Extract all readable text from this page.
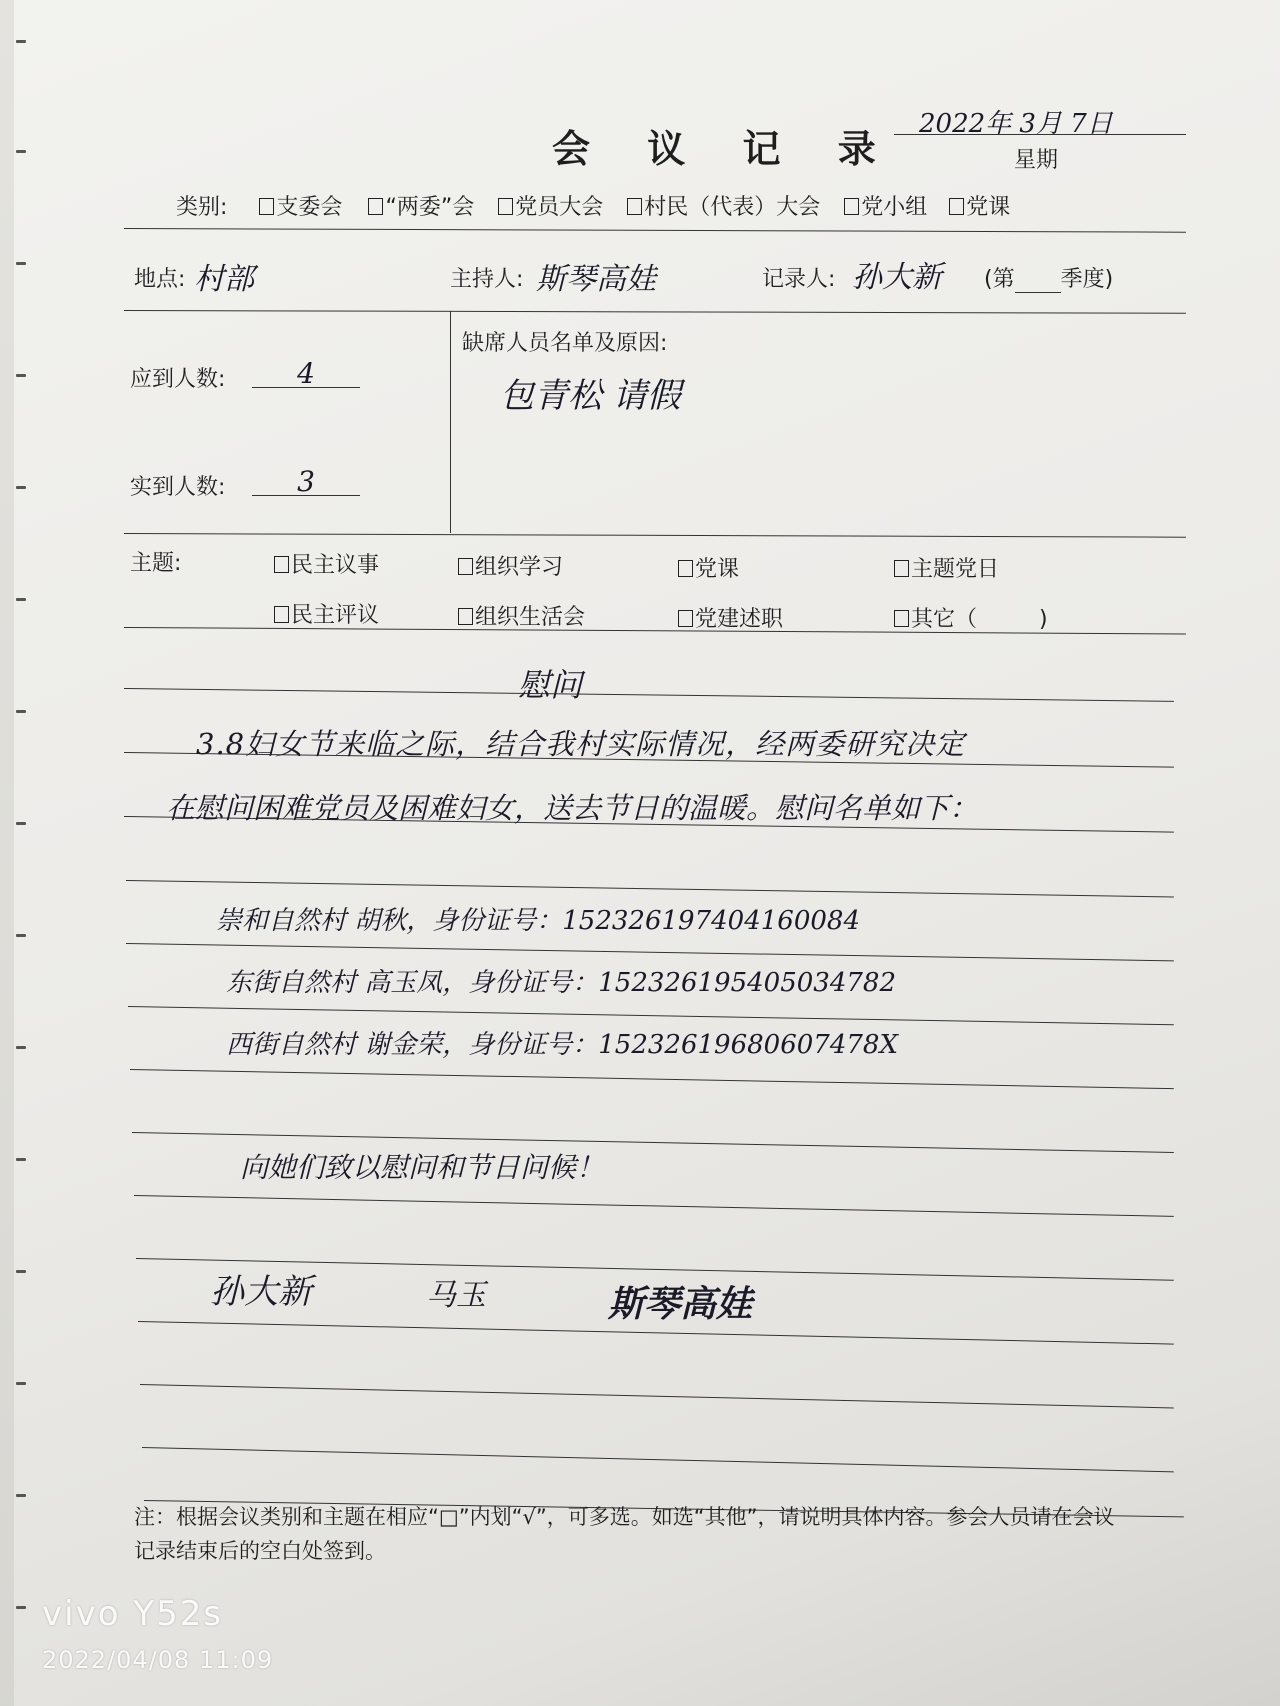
会 议 记 录
2022年 3月 7日
星期
类别: 支委会 “两委”会 党员大会 村民（代表）大会 党小组 党课
地点: 村部	主持人: 斯琴高娃	记录人: 孙大新 (第 季度)
应到人数:	4
实到人数:	3
缺席人员名单及原因:
包青松 请假
主题:	民主议事	组织学习	党课	主题党日
民主评议	组织生活会	党建述职	其它（	)
慰问
3.8妇女节来临之际，结合我村实际情况，经两委研究决定
在慰问困难党员及困难妇女，送去节日的温暖。慰问名单如下：
崇和自然村 胡秋，身份证号：152326197404160084
东街自然村 高玉凤，身份证号：152326195405034782
西街自然村 谢金荣，身份证号：15232619680607478X
向她们致以慰问和节日问候！
孙大新	马玉	斯琴高娃
注：根据会议类别和主题在相应“□”内划“√”，可多选。如选“其他”，请说明具体内容。参会人员请在会议记录结束后的空白处签到。
vivo Y52s
2022/04/08 11:09
